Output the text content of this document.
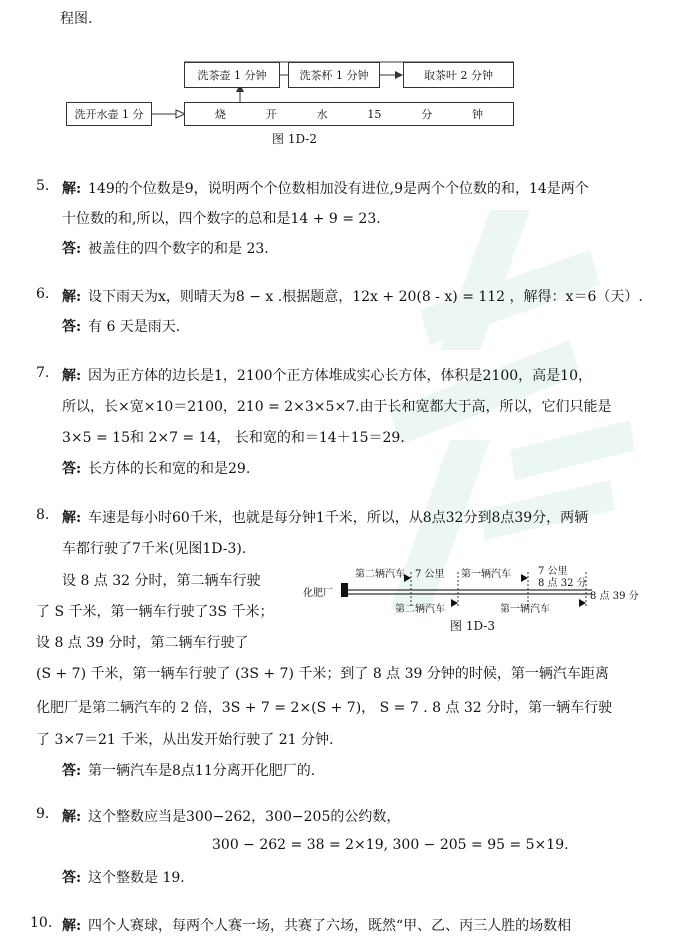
程图.
洗茶壶 1 分钟	洗茶杯 1 分钟	取茶叶 2 分钟
洗开水壶 1 分	烧	开	水	15	分	钟
图 1D-2
5. 解: 149的个位数是9，说明两个个位数相加没有进位,9是两个个位数的和，14是两个
十位数的和,所以，四个数字的总和是14 + 9 = 23.
答: 被盖住的四个数字的和是 23.
6. 解: 设下雨天为x，则晴天为8 − x .根据题意，12x + 20(8 - x) = 112 ，解得：x＝6（天）.
答: 有 6 天是雨天.
7. 解: 因为正方体的边长是1，2100个正方体堆成实心长方体，体积是2100，高是10，
所以，长×宽×10＝2100，210 = 2×3×5×7.由于长和宽都大于高，所以，它们只能是
3×5 = 15和 2×7 = 14， 长和宽的和＝14＋15＝29.
答: 长方体的长和宽的和是29.
8. 解: 车速是每小时60千米，也就是每分钟1千米，所以，从8点32分到8点39分，两辆
车都行驶了7千米(见图1D-3).
设 8 点 32 分时，第二辆车行驶
了 S 千米，第一辆车行驶了3S 千米；
设 8 点 39 分时，第二辆车行驶了
(S + 7) 千米，第一辆车行驶了 (3S + 7) 千米；到了 8 点 39 分钟的时候，第一辆汽车距离
化肥厂是第二辆汽车的 2 倍，3S + 7 = 2×(S + 7)， S = 7 . 8 点 32 分时，第一辆车行驶
了 3×7＝21 千米，从出发开始行驶了 21 分钟.
答: 第一辆汽车是8点11分离开化肥厂的.
化肥厂
第二辆汽车 7 公里 第一辆汽车	7 公里
8 点 32 分
8 点 39 分
第二辆汽车	第一辆汽车
图 1D-3
9. 解: 这个整数应当是300−262，300−205的公约数，
300 − 262 = 38 = 2×19, 300 − 205 = 95 = 5×19.
答: 这个整数是 19.
10. 解: 四个人赛球，每两个人赛一场，共赛了六场，既然“甲、乙、丙三人胜的场数相
